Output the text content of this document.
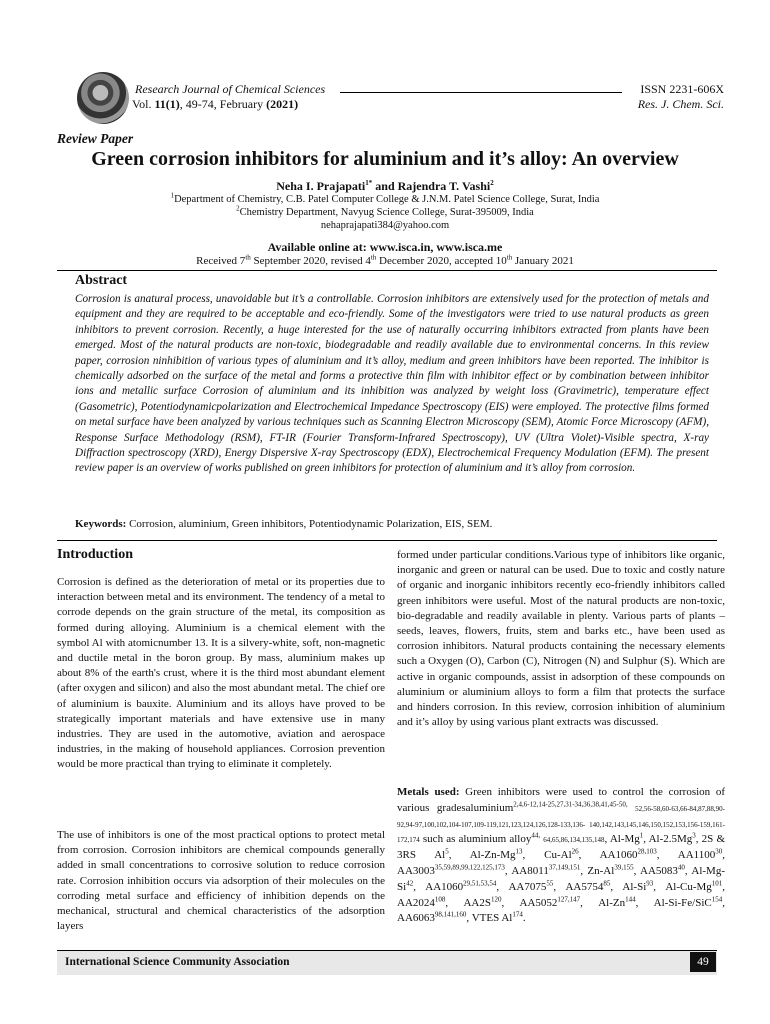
Research Journal of Chemical Sciences	ISSN 2231-606X
Vol. 11(1), 49-74, February (2021)	Res. J. Chem. Sci.
Review Paper
Green corrosion inhibitors for aluminium and it’s alloy: An overview
Neha I. Prajapati$^{1*}$ and Rajendra T. Vashi$^2$
$^1$Department of Chemistry, C.B. Patel Computer College & J.N.M. Patel Science College, Surat, India
$^2$Chemistry Department, Navyug Science College, Surat-395009, India
nehaprajapati384@yahoo.com
Available online at: www.isca.in, www.isca.me
Received 7th September 2020, revised 4th December 2020, accepted 10th January 2021
Abstract
Corrosion is anatural process, unavoidable but it’s a controllable. Corrosion inhibitors are extensively used for the protection of metals and equipment and they are required to be acceptable and eco-friendly. Some of the investigators were tried to use natural products as green inhibitors to prevent corrosion. Recently, a huge interested for the use of naturally occurring inhibitors extracted from plants have been emerged. Most of the natural products are non-toxic, biodegradable and readily available due to environmental concerns. In this review paper, corrosion ninhibition of various types of aluminium and it’s alloy, medium and green inhibitors have been reported. The inhibitor is chemically adsorbed on the surface of the metal and forms a protective thin film with inhibitor effect or by combination between inhibitor ions and metallic surface Corrosion of aluminium and its inhibition was analyzed by weight loss (Gravimetric), temperature effect (Gasometric), Potentiodynamicpolarization and Electrochemical Impedance Spectroscopy (EIS) were employed. The protective films formed on metal surface have been analyzed by various techniques such as Scanning Electron Microscopy (SEM), Atomic Force Microscopy (AFM), Response Surface Methodology (RSM), FT-IR (Fourier Transform-Infrared Spectroscopy), UV (Ultra Violet)-Visible spectra, X-ray Diffraction spectroscopy (XRD), Energy Dispersive X-ray Spectroscopy (EDX), Electrochemical Frequency Modulation (EFM). The present review paper is an overview of works published on green inhibitors for protection of aluminium and it’s alloy from corrosion.
Keywords: Corrosion, aluminium, Green inhibitors, Potentiodynamic Polarization, EIS, SEM.
Introduction
Corrosion is defined as the deterioration of metal or its properties due to interaction between metal and its environment. The tendency of a metal to corrode depends on the grain structure of the metal, its composition as formed during alloying. Aluminium is a chemical element with the symbol Al with atomicnumber 13. It is a silvery-white, soft, non-magnetic and ductile metal in the boron group. By mass, aluminium makes up about 8% of the earth's crust, where it is the third most abundant element (after oxygen and silicon) and also the most abundant metal. The chief ore of aluminium is bauxite. Aluminium and its alloys have proved to be strategically important materials and have extensive use in many industries. They are used in the automotive, aviation and aerospace industries, in the making of household appliances. Corrosion prevention would be more practical than trying to eliminate it completely.
The use of inhibitors is one of the most practical options to protect metal from corrosion. Corrosion inhibitors are chemical compounds generally added in small concentrations to corrosive solution to reduce corrosion rate. Corrosion inhibition occurs via adsorption of their molecules on the corroding metal surface and efficiency of inhibition depends on the mechanical, structural and chemical characteristics of the adsorption layers
formed under particular conditions.Various type of inhibitors like organic, inorganic and green or natural can be used. Due to toxic and costly nature of organic and inorganic inhibitors recently eco-friendly inhibitors called green inhibitors were useful. Most of the natural products are non-toxic, bio-degradable and readily available in plenty. Various parts of plants – seeds, leaves, flowers, fruits, stem and barks etc., have been used as corrosion inhibitors. Natural products containing the necessary elements such a Oxygen (O), Carbon (C), Nitrogen (N) and Sulphur (S). Which are active in organic compounds, assist in adsorption of these compounds on aluminium or aluminium alloys to form a film that protects the surface and hinders corrosion. In this review, corrosion inhibition of aluminium and it’s alloy by using various plant extracts was discussed.
Metals used: Green inhibitors were used to control the corrosion of various gradesaluminium$^{2,4,6-12,14-25,27,31-34,36,38,41,45-50,}$ 52,56-58,60-63,66-84,87,88,90-92,94-97,100,102,104-107,109-119,121,123,124,126,128-133,136- 140,142,143,145,146,150,152,153,156-159,161-172,174 such as aluminium alloy$^{44,}$ 64,65,86,134,135,148, Al-Mg$^1$, Al-2.5Mg$^3$, 2S & 3RS Al$^5$, Al-Zn-Mg$^{13}$, Cu-Al$^{26}$, AA1060$^{28,103}$, AA1100$^{30}$, AA3003$^{35,59,89,99,122,125,173}$, AA8011$^{37,149,151}$, Zn-Al$^{39,155}$, AA5083$^{40}$, Al-Mg-Si$^{42}$, AA1060$^{29,51,53,54}$, AA7075$^{55}$, AA5754$^{85}$, Al-Si$^{93}$, Al-Cu-Mg$^{101}$, AA2024$^{108}$, $AA2S^{120}$, AA5052$^{127,147}$, Al-Zn$^{144}$, Al-Si-Fe/SiC$^{154}$, AA6063$^{98,141,160}$, VTES Al$^{174}$.
International Science Community Association	49
